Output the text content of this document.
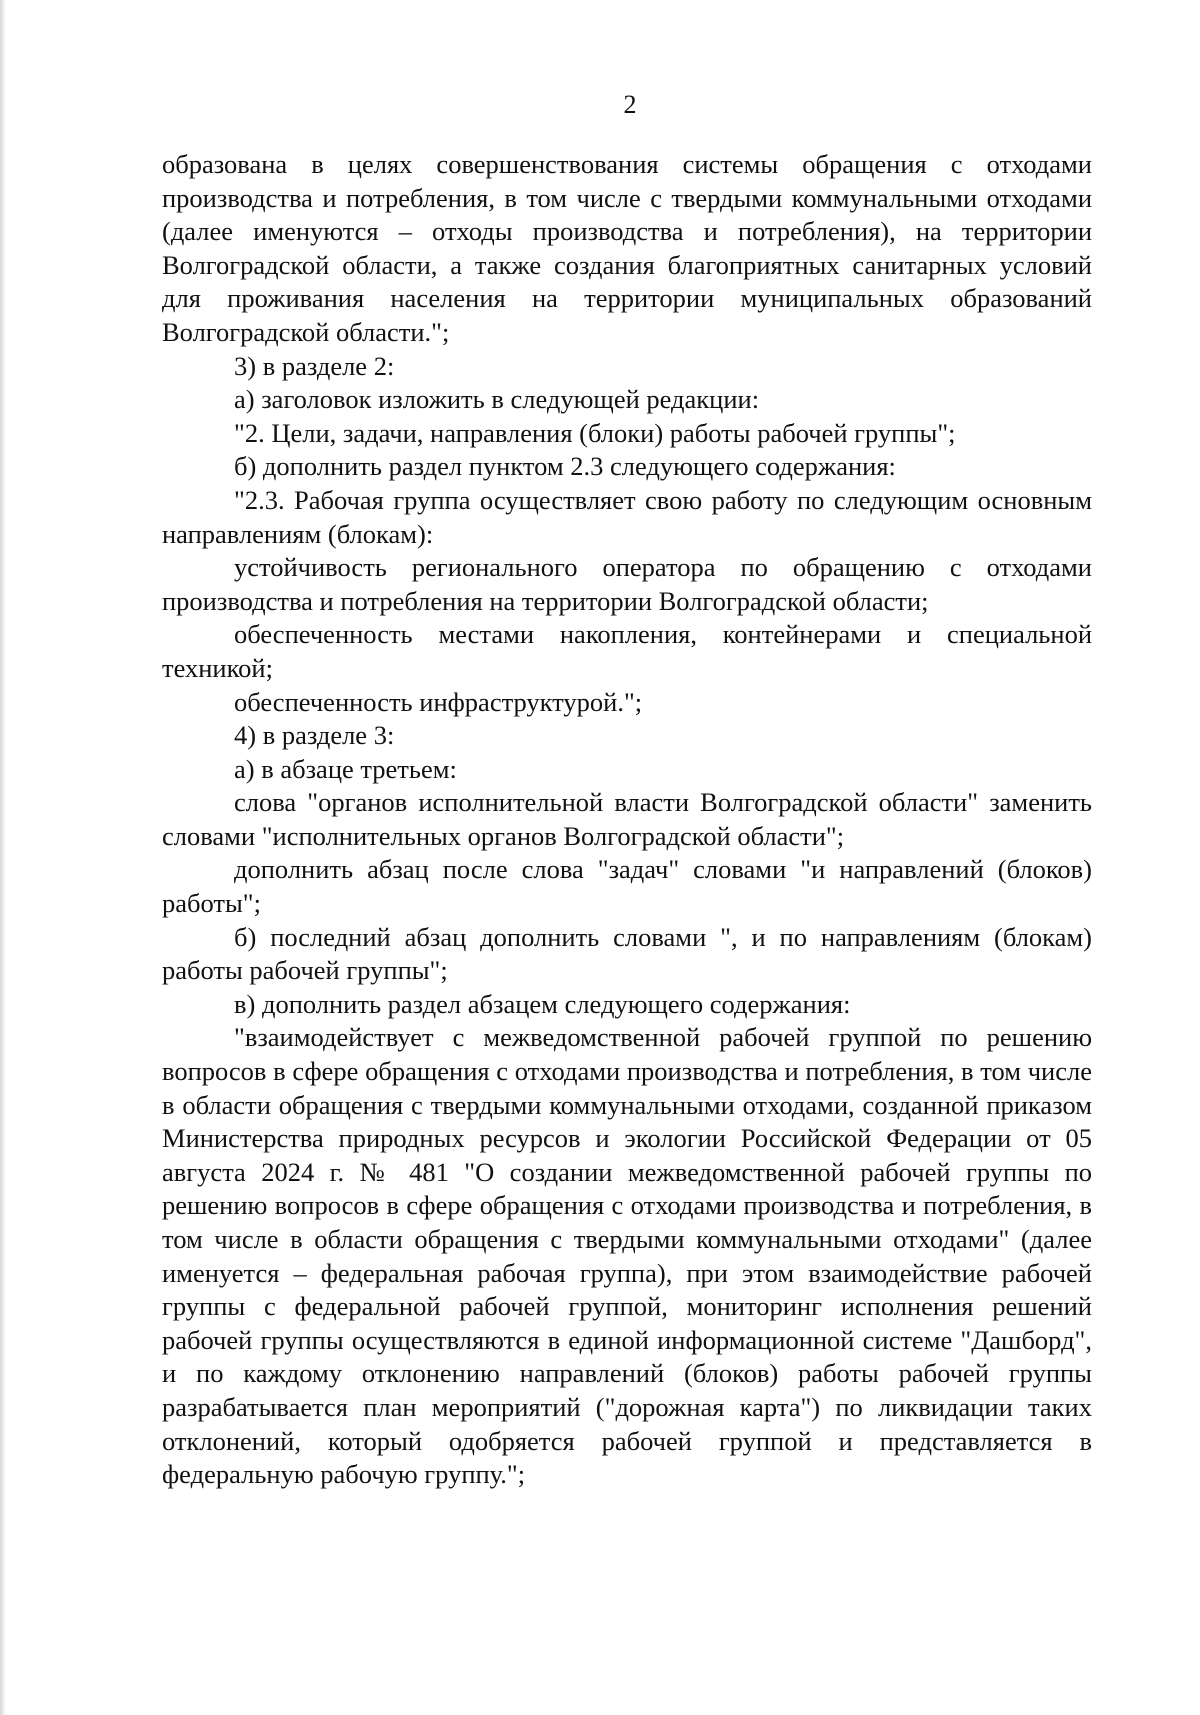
2

образована в целях совершенствования системы обращения с отходами производства и потребления, в том числе с твердыми коммунальными отходами (далее именуются – отходы производства и потребления), на территории Волгоградской области, а также создания благоприятных санитарных условий для проживания населения на территории муниципальных образований Волгоградской области.";

3) в разделе 2:

а) заголовок изложить в следующей редакции:

"2. Цели, задачи, направления (блоки) работы рабочей группы";

б) дополнить раздел пунктом 2.3 следующего содержания:

"2.3. Рабочая группа осуществляет свою работу по следующим основным направлениям (блокам):

устойчивость регионального оператора по обращению с отходами производства и потребления на территории Волгоградской области;

обеспеченность местами накопления, контейнерами и специальной техникой;

обеспеченность инфраструктурой.";

4) в разделе 3:

а) в абзаце третьем:

слова "органов исполнительной власти Волгоградской области" заменить словами "исполнительных органов Волгоградской области";

дополнить абзац после слова "задач" словами "и направлений (блоков) работы";

б) последний абзац дополнить словами ", и по направлениям (блокам) работы рабочей группы";

в) дополнить раздел абзацем следующего содержания:

"взаимодействует с межведомственной рабочей группой по решению вопросов в сфере обращения с отходами производства и потребления, в том числе в области обращения с твердыми коммунальными отходами, созданной приказом Министерства природных ресурсов и экологии Российской Федерации от 05 августа 2024 г. № 481 "О создании межведомственной рабочей группы по решению вопросов в сфере обращения с отходами производства и потребления, в том числе в области обращения с твердыми коммунальными отходами" (далее именуется – федеральная рабочая группа), при этом взаимодействие рабочей группы с федеральной рабочей группой, мониторинг исполнения решений рабочей группы осуществляются в единой информационной системе "Дашборд", и по каждому отклонению направлений (блоков) работы рабочей группы разрабатывается план мероприятий ("дорожная карта") по ликвидации таких отклонений, который одобряется рабочей группой и представляется в федеральную рабочую группу.";
